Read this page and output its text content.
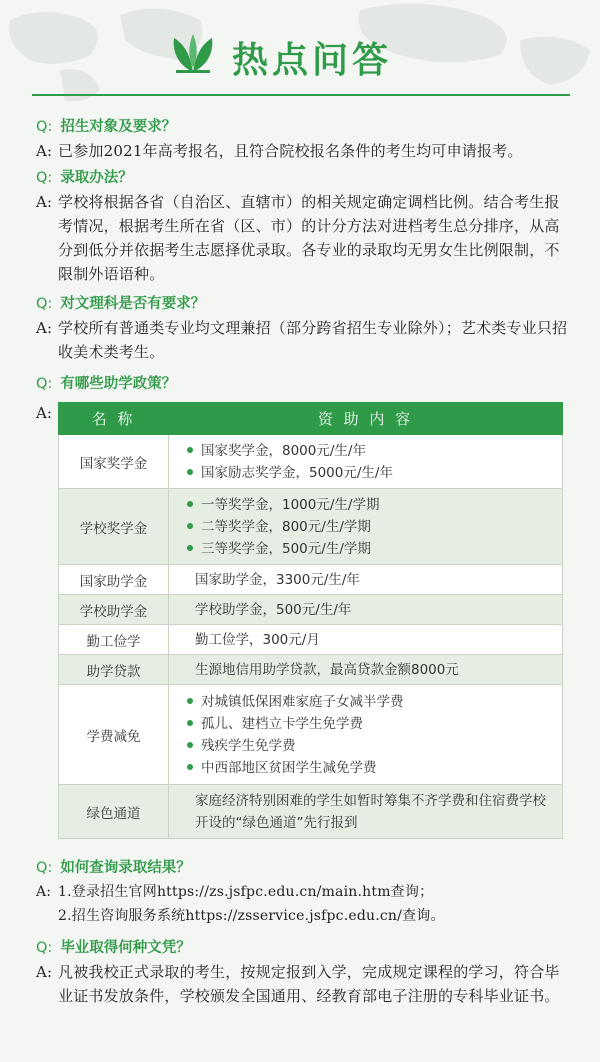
热点问答
Q: 招生对象及要求？
A: 已参加2021年高考报名，且符合院校报名条件的考生均可申请报考。
Q: 录取办法？
A: 学校将根据各省（自治区、直辖市）的相关规定确定调档比例。结合考生报考情况，根据考生所在省（区、市）的计分方法对进档考生总分排序，从高分到低分并依据考生志愿择优录取。各专业的录取均无男女生比例限制，不限制外语语种。
Q: 对文理科是否有要求？
A: 学校所有普通类专业均文理兼招（部分跨省招生专业除外）；艺术类专业只招收美术类考生。
Q: 有哪些助学政策？
A:	名 称	资 助 内 容
国家奖学金	国家奖学金，8000元/生/年
国家励志奖学金，5000元/生/年

学校奖学金	一等奖学金，1000元/生/学期
二等奖学金，800元/生/学期
三等奖学金，500元/生/学期

国家助学金	国家助学金，3300元/生/年

学校助学金	学校助学金，500元/生/年

勤工俭学	勤工俭学，300元/月

助学贷款	生源地信用助学贷款，最高贷款金额8000元

学费减免	对城镇低保困难家庭子女减半学费
孤儿、建档立卡学生免学费
残疾学生免学费
中西部地区贫困学生减免学费

绿色通道	家庭经济特别困难的学生如暂时筹集不齐学费和住宿费学校开设的“绿色通道”先行报到
Q: 如何查询录取结果？
A: 1.登录招生官网https://zs.jsfpc.edu.cn/main.htm查询；
2.招生咨询服务系统https://zsservice.jsfpc.edu.cn/查询。
Q: 毕业取得何种文凭？
A: 凡被我校正式录取的考生，按规定报到入学，完成规定课程的学习，符合毕业证书发放条件，学校颁发全国通用、经教育部电子注册的专科毕业证书。
